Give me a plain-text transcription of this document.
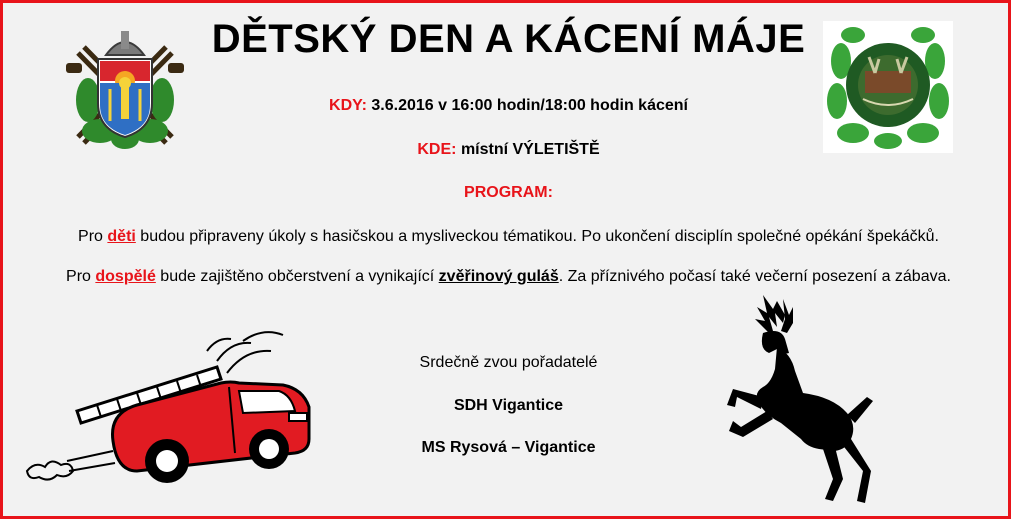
DĚTSKÝ DEN A KÁCENÍ MÁJE
KDY: 3.6.2016 v 16:00 hodin/18:00 hodin kácení
KDE: místní VÝLETIŠTĚ
PROGRAM:
Pro děti budou připraveny úkoly s hasičskou a mysliveckou tématikou. Po ukončení disciplín společné opékání špekáčků.
Pro dospělé bude zajištěno občerstvení a vynikající zvěřinový guláš. Za příznivého počasí také večerní posezení a zábava.
Srdečně zvou pořadatelé
SDH Vigantice
MS Rysová – Vigantice
